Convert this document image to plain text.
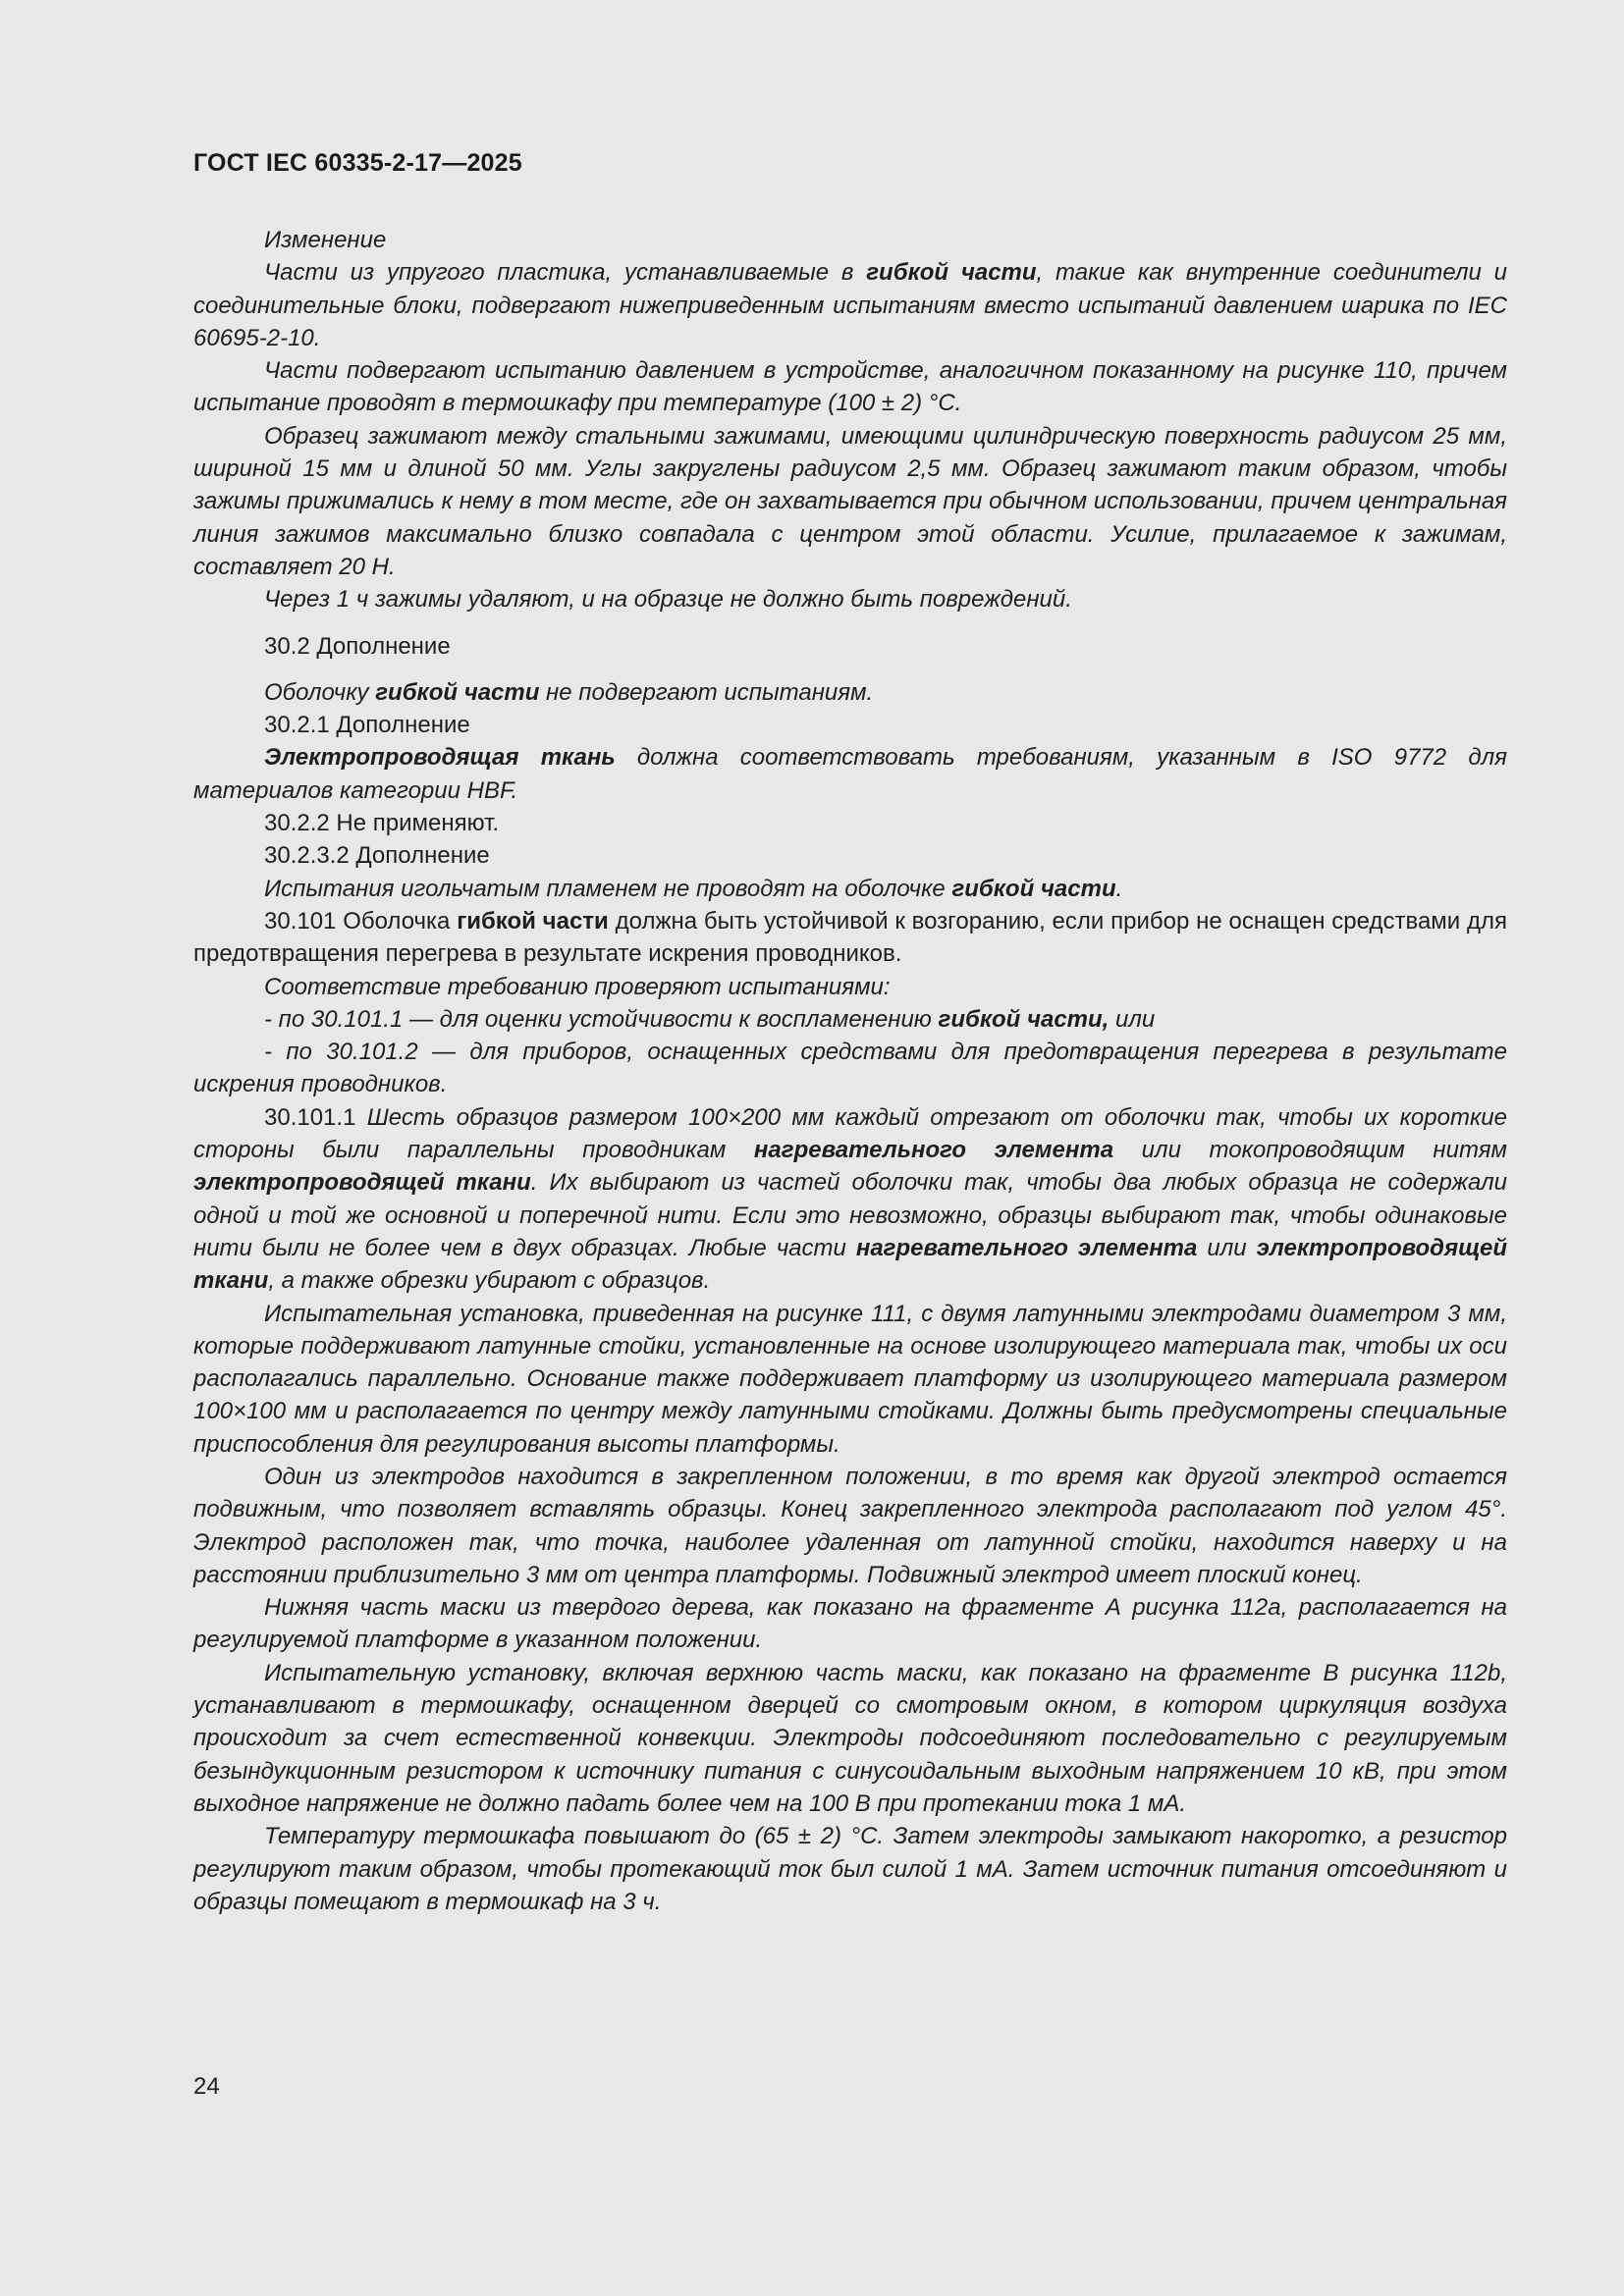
ГОСТ IEC 60335-2-17—2025

Изменение

Части из упругого пластика, устанавливаемые в гибкой части, такие как внутренние соединители и соединительные блоки, подвергают нижеприведенным испытаниям вместо испытаний давлением шарика по IEC 60695-2-10.

Части подвергают испытанию давлением в устройстве, аналогичном показанному на рисунке 110, причем испытание проводят в термошкафу при температуре (100 ± 2) °С.

Образец зажимают между стальными зажимами, имеющими цилиндрическую поверхность радиусом 25 мм, шириной 15 мм и длиной 50 мм. Углы закруглены радиусом 2,5 мм. Образец зажимают таким образом, чтобы зажимы прижимались к нему в том месте, где он захватывается при обычном использовании, причем центральная линия зажимов максимально близко совпадала с центром этой области. Усилие, прилагаемое к зажимам, составляет 20 Н.

Через 1 ч зажимы удаляют, и на образце не должно быть повреждений.

30.2 Дополнение

Оболочку гибкой части не подвергают испытаниям.

30.2.1 Дополнение

Электропроводящая ткань должна соответствовать требованиям, указанным в ISO 9772 для материалов категории HBF.

30.2.2 Не применяют.

30.2.3.2 Дополнение

Испытания игольчатым пламенем не проводят на оболочке гибкой части.

30.101 Оболочка гибкой части должна быть устойчивой к возгоранию, если прибор не оснащен средствами для предотвращения перегрева в результате искрения проводников.

Соответствие требованию проверяют испытаниями:

- по 30.101.1 — для оценки устойчивости к воспламенению гибкой части, или

- по 30.101.2 — для приборов, оснащенных средствами для предотвращения перегрева в результате искрения проводников.

30.101.1 Шесть образцов размером 100×200 мм каждый отрезают от оболочки так, чтобы их короткие стороны были параллельны проводникам нагревательного элемента или токопроводящим нитям электропроводящей ткани. Их выбирают из частей оболочки так, чтобы два любых образца не содержали одной и той же основной и поперечной нити. Если это невозможно, образцы выбирают так, чтобы одинаковые нити были не более чем в двух образцах. Любые части нагревательного элемента или электропроводящей ткани, а также обрезки убирают с образцов.

Испытательная установка, приведенная на рисунке 111, с двумя латунными электродами диаметром 3 мм, которые поддерживают латунные стойки, установленные на основе изолирующего материала так, чтобы их оси располагались параллельно. Основание также поддерживает платформу из изолирующего материала размером 100×100 мм и располагается по центру между латунными стойками. Должны быть предусмотрены специальные приспособления для регулирования высоты платформы.

Один из электродов находится в закрепленном положении, в то время как другой электрод остается подвижным, что позволяет вставлять образцы. Конец закрепленного электрода располагают под углом 45°. Электрод расположен так, что точка, наиболее удаленная от латунной стойки, находится наверху и на расстоянии приблизительно 3 мм от центра платформы. Подвижный электрод имеет плоский конец.

Нижняя часть маски из твердого дерева, как показано на фрагменте А рисунка 112а, располагается на регулируемой платформе в указанном положении.

Испытательную установку, включая верхнюю часть маски, как показано на фрагменте В рисунка 112b, устанавливают в термошкафу, оснащенном дверцей со смотровым окном, в котором циркуляция воздуха происходит за счет естественной конвекции. Электроды подсоединяют последовательно с регулируемым безындукционным резистором к источнику питания с синусоидальным выходным напряжением 10 кВ, при этом выходное напряжение не должно падать более чем на 100 В при протекании тока 1 мА.

Температуру термошкафа повышают до (65 ± 2) °С. Затем электроды замыкают накоротко, а резистор регулируют таким образом, чтобы протекающий ток был силой 1 мА. Затем источник питания отсоединяют и образцы помещают в термошкаф на 3 ч.

24
